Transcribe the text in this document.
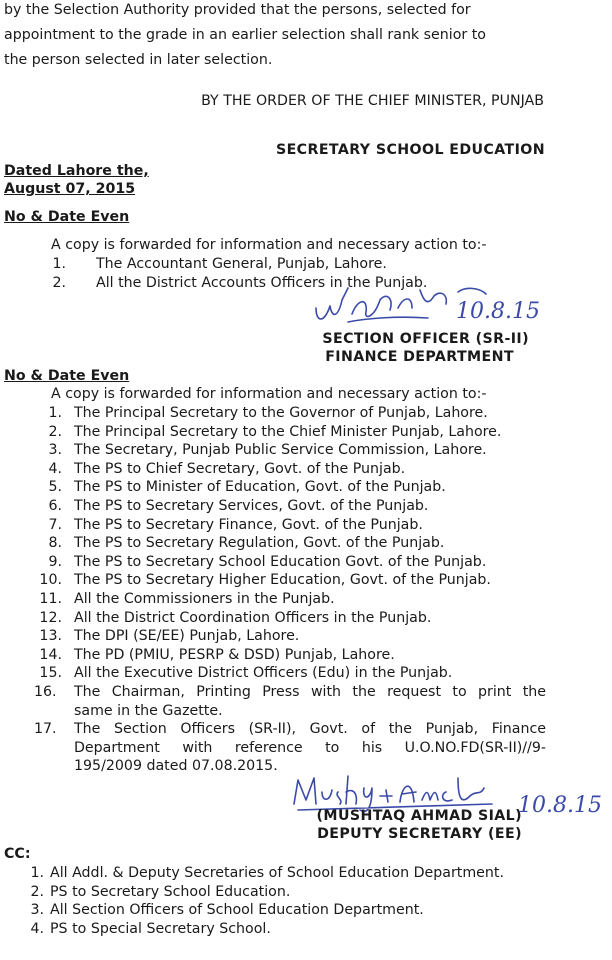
by the Selection Authority provided that the persons, selected for
appointment to the grade in an earlier selection shall rank senior to
the person selected in later selection.
BY THE ORDER OF THE CHIEF MINISTER, PUNJAB
SECRETARY SCHOOL EDUCATION
Dated Lahore the,
August 07, 2015
No & Date Even
A copy is forwarded for information and necessary action to:-
1. The Accountant General, Punjab, Lahore.
2. All the District Accounts Officers in the Punjab.
10.8.15
SECTION OFFICER (SR-II)
FINANCE DEPARTMENT
No & Date Even
A copy is forwarded for information and necessary action to:-
1. The Principal Secretary to the Governor of Punjab, Lahore.
2. The Principal Secretary to the Chief Minister Punjab, Lahore.
3. The Secretary, Punjab Public Service Commission, Lahore.
4. The PS to Chief Secretary, Govt. of the Punjab.
5. The PS to Minister of Education, Govt. of the Punjab.
6. The PS to Secretary Services, Govt. of the Punjab.
7. The PS to Secretary Finance, Govt. of the Punjab.
8. The PS to Secretary Regulation, Govt. of the Punjab.
9. The PS to Secretary School Education Govt. of the Punjab.
10. The PS to Secretary Higher Education, Govt. of the Punjab.
11. All the Commissioners in the Punjab.
12. All the District Coordination Officers in the Punjab.
13. The DPI (SE/EE) Punjab, Lahore.
14. The PD (PMIU, PESRP & DSD) Punjab, Lahore.
15. All the Executive District Officers (Edu) in the Punjab.
16. The Chairman, Printing Press with the request to print the
same in the Gazette.
17. The Section Officers (SR-II), Govt. of the Punjab, Finance
Department with reference to his U.O.NO.FD(SR-II)//9-
195/2009 dated 07.08.2015.
10.8.15
(MUSHTAQ AHMAD SIAL)
DEPUTY SECRETARY (EE)
CC:
1. All Addl. & Deputy Secretaries of School Education Department.
2. PS to Secretary School Education.
3. All Section Officers of School Education Department.
4. PS to Special Secretary School.
